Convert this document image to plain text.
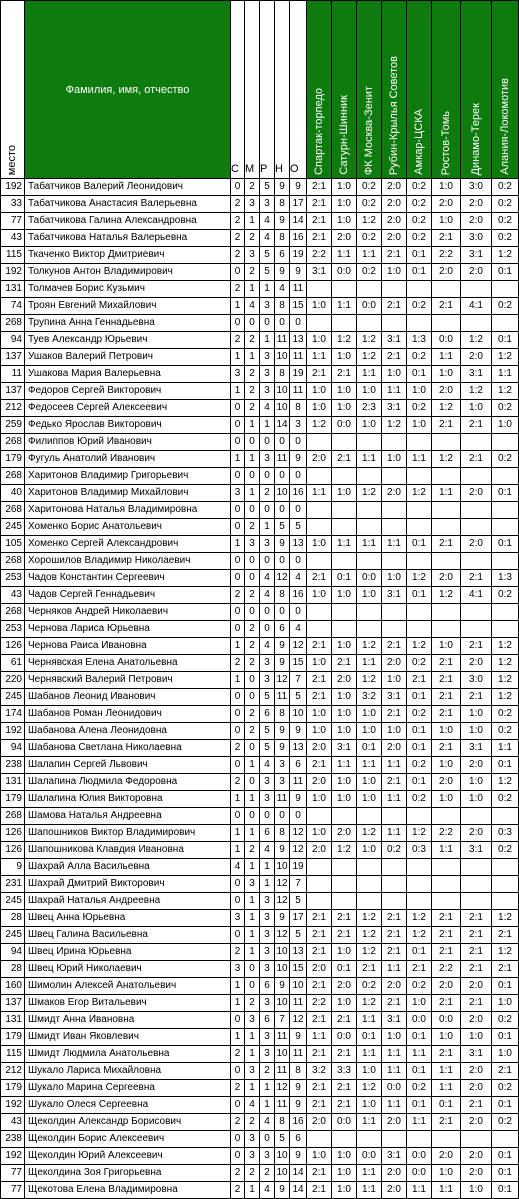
место	Фамилия, имя, отчество	С	М	Р	Н	О	Спартак-торпедо	Сатурн-Шинник	ФК Москва-Зенит	Рубин-Крылья Советов	Амкар-ЦСКА	Ростов-Томь	Динамо-Терек	Алания-Локомотив

192	Табатчиков Валерий Леонидович	0	2	5	9	9	2:1	1:0	0:2	2:0	0:2	1:0	3:0	0:2
33	Табатчикова Анастасия Валерьевна	2	3	3	8	17	2:1	1:0	0:2	2:0	0:2	2:0	2:0	0:2
77	Табатчикова Галина Александровна	2	1	4	9	14	2:1	1:0	1:2	2:0	0:2	1:0	2:0	0:2
43	Табатчикова Наталья Валерьевна	2	2	4	8	16	2:1	2:0	0:2	2:0	0:2	2:1	3:0	0:2
115	Ткаченко Виктор Дмитриевич	2	3	5	6	19	2:2	1:1	1:1	2:1	0:1	2:2	3:1	1:2
192	Толкунов Антон Владимирович	0	2	5	9	9	3:1	0:0	0:2	1:0	0:1	2:0	2:0	0:1
131	Толмачев Борис Кузьмич	2	1	1	4	11								
74	Троян Евгений Михайлович	1	4	3	8	15	1:0	1:1	0:0	2:1	0:2	2:1	4:1	0:2
268	Трупина Анна Геннадьевна	0	0	0	0	0								
94	Туев Александр Юрьевич	2	2	1	11	13	1:0	1:2	1:2	3:1	1:3	0:0	1:2	0:1
137	Ушаков Валерий Петрович	1	1	3	10	11	1:1	1:0	1:2	2:1	0:2	1:1	2:0	1:2
11	Ушакова Мария Валерьевна	3	2	3	8	19	2:1	2:1	1:1	1:0	0:1	1:0	3:1	1:1
137	Федоров Сергей Викторович	1	2	3	10	11	1:0	1:0	1:0	1:1	1:0	2:0	1:2	1:2
212	Федосеев Сергей Алексеевич	0	2	4	10	8	1:0	1:0	2:3	3:1	0:2	1:2	1:0	0:2
259	Федько Ярослав Викторович	0	1	1	14	3	1:2	0:0	1:0	1:2	1:0	2:1	2:1	1:0
268	Филиппов Юрий Иванович	0	0	0	0	0								
179	Фугуль Анатолий Иванович	1	1	3	11	9	2:0	2:1	1:1	1:0	1:1	1:2	2:1	0:2
268	Харитонов Владимир Григорьевич	0	0	0	0	0								
40	Харитонов Владимир Михайлович	3	1	2	10	16	1:1	1:0	1:2	2:0	1:2	1:1	2:0	0:1
268	Харитонова Наталья Владимировна	0	0	0	0	0								
245	Хоменко Борис Анатольевич	0	2	1	5	5								
105	Хоменко Сергей Александрович	1	3	3	9	13	1:0	1:1	1:1	1:1	0:1	2:1	2:0	0:1
268	Хорошилов Владимир Николаевич	0	0	0	0	0								
253	Чадов Константин Сергеевич	0	0	4	12	4	2:1	0:1	0:0	1:0	1:2	2:0	2:1	1:3
43	Чадов Сергей Геннадьевич	2	2	4	8	16	1:0	1:0	1:0	3:1	0:1	1:2	4:1	0:2
268	Черняков Андрей Николаевич	0	0	0	0	0								
253	Чернова Лариса Юрьевна	0	2	0	6	4								
126	Чернова Раиса Ивановна	1	2	4	9	12	2:1	1:0	1:2	2:1	1:2	1:0	2:1	1:2
61	Чернявская Елена Анатольевна	2	2	3	9	15	1:0	2:1	1:1	2:0	0:2	2:1	2:0	1:2
220	Чернявский Валерий Петрович	1	0	3	12	7	2:1	2:0	1:2	1:0	2:1	2:1	3:0	1:2
245	Шабанов Леонид Иванович	0	0	5	11	5	2:1	1:0	3:2	3:1	0:1	2:1	2:1	1:2
174	Шабанов Роман Леонидович	0	2	6	8	10	1:0	1:0	1:0	2:1	0:2	2:1	1:0	0:2
192	Шабанова Алена Леонидовна	0	2	5	9	9	1:0	1:0	1:0	1:0	0:1	1:0	1:0	0:2
94	Шабанова Светлана Николаевна	2	0	5	9	13	2:0	3:1	0:1	2:0	0:1	2:1	3:1	1:1
238	Шалапин Сергей Львович	0	1	4	3	6	2:1	1:1	1:1	1:1	0:2	1:0	2:0	0:1
131	Шалапина Людмила Федоровна	2	0	3	3	11	2:0	1:0	1:0	2:1	0:1	2:0	1:0	1:2
179	Шалапина Юлия Викторовна	1	1	3	11	9	1:0	1:0	1:0	1:1	0:2	1:0	1:0	0:2
268	Шамова Наталья Андреевна	0	0	0	0	0								
126	Шапошников Виктор Владимирович	1	1	6	8	12	1:0	2:0	1:2	1:1	1:2	2:2	2:0	0:3
126	Шапошникова Клавдия Ивановна	1	2	4	9	12	2:0	1:2	1:0	0:2	0:3	1:1	3:1	0:2
9	Шахрай Алла Васильевна	4	1	1	10	19								
231	Шахрай Дмитрий Викторович	0	3	1	12	7								
245	Шахрай Наталья Андреевна	0	1	3	12	5								
28	Швец Анна Юрьевна	3	1	3	9	17	2:1	2:1	1:2	2:1	1:2	2:1	2:1	1:2
245	Швец Галина Васильевна	0	1	3	12	5	2:1	2:1	1:2	2:1	1:2	2:1	2:1	2:1
94	Швец Ирина Юрьевна	2	1	3	10	13	2:1	1:0	1:2	2:1	0:1	2:1	2:1	1:2
28	Швец Юрий Николаевич	3	0	3	10	15	2:0	0:1	2:1	1:1	2:1	2:2	2:1	2:1
160	Шимолин Алексей Анатольевич	1	0	6	9	10	2:1	2:0	0:2	2:0	0:2	2:0	2:0	0:1
137	Шмаков Егор Витальевич	1	2	3	10	11	2:2	1:0	1:2	2:1	1:0	2:1	2:1	1:0
131	Шмидт Анна Ивановна	0	3	6	7	12	2:1	2:1	1:1	3:1	0:0	0:0	2:0	0:2
179	Шмидт Иван Яковлевич	1	1	3	11	9	1:1	0:0	0:1	1:0	0:1	1:0	1:0	0:1
115	Шмидт Людмила Анатольевна	2	1	3	10	11	2:1	2:1	1:1	1:1	1:1	2:1	3:1	1:0
212	Шукало Лариса Михайловна	0	3	2	11	8	3:2	3:3	1:0	1:1	0:1	1:1	2:0	2:1
179	Шукало Марина Сергеевна	2	1	1	12	9	2:1	2:1	1:2	0:0	0:2	1:1	2:0	0:2
192	Шукало Олеся Сергеевна	0	4	1	11	9	2:1	2:1	1:0	1:1	0:1	0:1	2:1	0:1
43	Щеколдин Александр Борисович	2	2	4	8	16	2:0	0:0	1:1	2:0	1:1	2:1	2:0	0:2
238	Щеколдин Борис Алексеевич	0	3	0	5	6								
192	Щеколдин Юрий Алексеевич	0	3	3	10	9	1:0	1:0	0:0	3:1	0:0	2:0	2:0	0:1
77	Щеколдина Зоя Григорьевна	2	2	2	10	14	2:1	1:0	1:1	2:0	0:0	1:0	2:0	0:1
77	Щекотова Елена Владимировна	2	1	4	9	14	2:1	1:0	1:1	2:0	1:1	1:1	1:0	0:1
